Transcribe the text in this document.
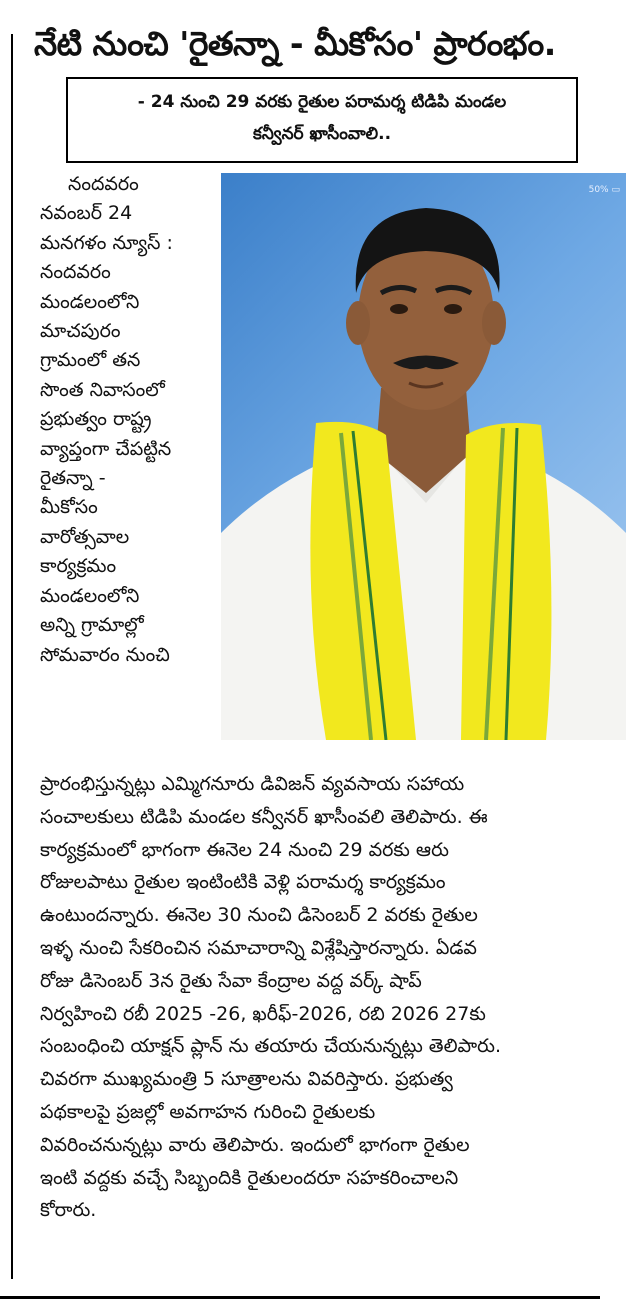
నేటి నుంచి 'రైతన్నా - మీకోసం' ప్రారంభం.
- 24 నుంచి 29 వరకు రైతుల పరామర్శ టిడిపి మండల
కన్వీనర్ ఖాసీంవాలి..
50% ▭
నందవరం
నవంబర్ 24
మనగళం న్యూస్ :
నందవరం
మండలంలోని
మాచపురం
గ్రామంలో తన
సొంత నివాసంలో
ప్రభుత్వం రాష్ట్ర
వ్యాప్తంగా చేపట్టిన
రైతన్నా -
మీకోసం
వారోత్సవాల
కార్యక్రమం
మండలంలోని
అన్ని గ్రామాల్లో
సోమవారం నుంచి
ప్రారంభిస్తున్నట్లు ఎమ్మిగనూరు డివిజన్ వ్యవసాయ సహాయ
సంచాలకులు టిడిపి మండల కన్వీనర్ ఖాసీంవలి తెలిపారు. ఈ
కార్యక్రమంలో భాగంగా ఈనెల 24 నుంచి 29 వరకు ఆరు
రోజులపాటు రైతుల ఇంటింటికి వెళ్లి పరామర్శ కార్యక్రమం
ఉంటుందన్నారు. ఈనెల 30 నుంచి డిసెంబర్ 2 వరకు రైతుల
ఇళ్ళ నుంచి సేకరించిన సమాచారాన్ని విశ్లేషిస్తారన్నారు. ఏడవ
రోజు డిసెంబర్ 3న రైతు సేవా కేంద్రాల వద్ద వర్క్ షాప్
నిర్వహించి రబీ 2025 -26, ఖరీఫ్-2026, రబి 2026 27కు
సంబంధించి యాక్షన్ ప్లాన్ ను తయారు చేయనున్నట్లు తెలిపారు.
చివరగా ముఖ్యమంత్రి 5 సూత్రాలను వివరిస్తారు. ప్రభుత్వ
పథకాలపై ప్రజల్లో అవగాహన గురించి రైతులకు
వివరించనున్నట్లు వారు తెలిపారు. ఇందులో భాగంగా రైతుల
ఇంటి వద్దకు వచ్చే సిబ్బందికి రైతులందరూ సహకరించాలని
కోరారు.
